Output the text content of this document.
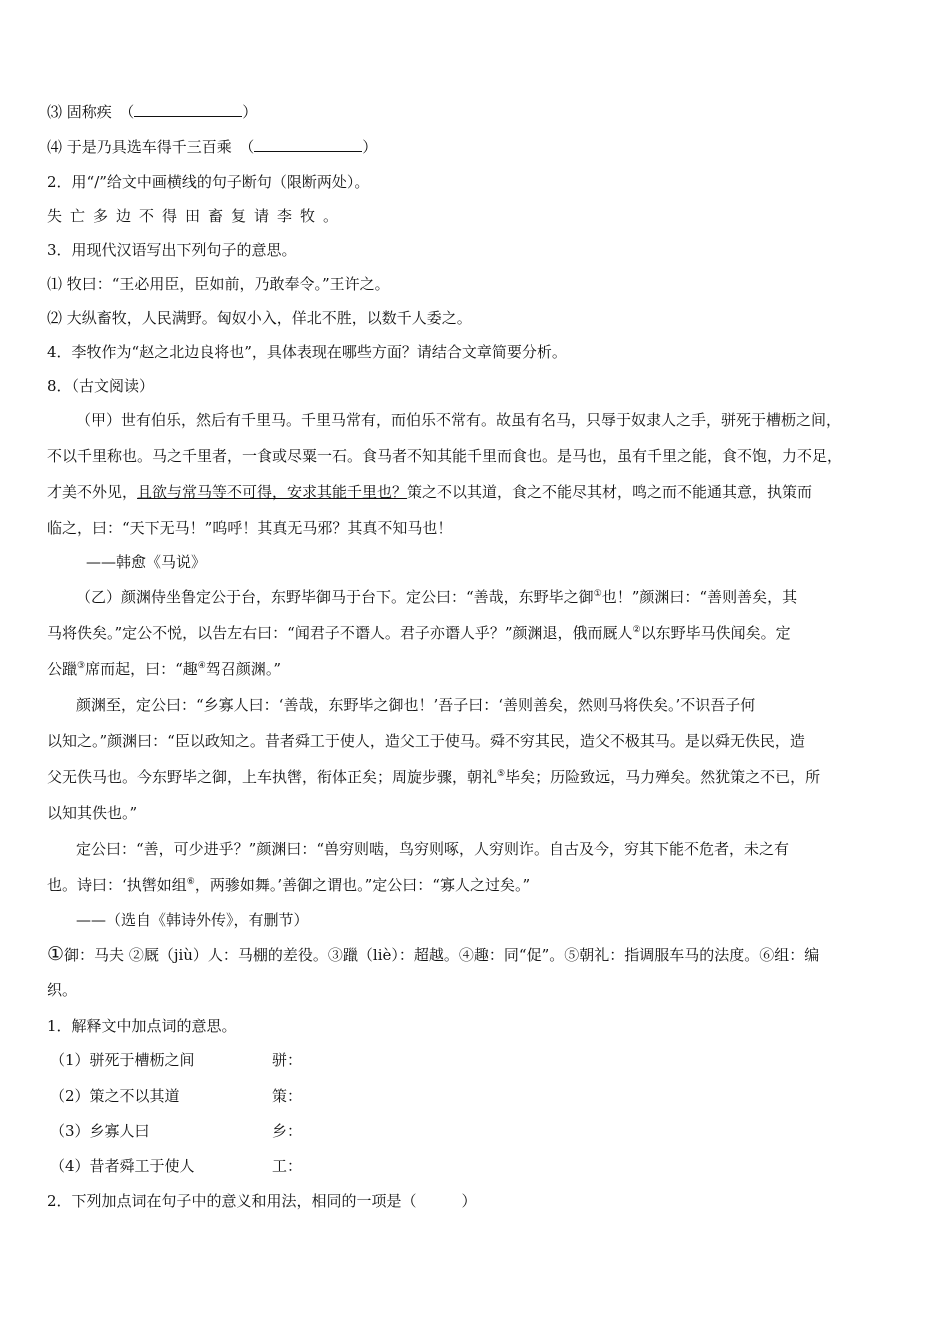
⑶ 固称疾　（	）
⑷ 于是乃具选车得千三百乘　（	）
2．用“/”给文中画横线的句子断句（限断两处）。
失亡多边不得田畜复请李牧。
3．用现代汉语写出下列句子的意思。
⑴ 牧曰：“王必用臣，臣如前，乃敢奉令。”王许之。
⑵ 大纵畜牧，人民满野。匈奴小入，佯北不胜，以数千人委之。
4．李牧作为“赵之北边良将也”，具体表现在哪些方面？请结合文章简要分析。
8．（古文阅读）
（甲）世有伯乐，然后有千里马。千里马常有，而伯乐不常有。故虽有名马，只辱于奴隶人之手，骈死于槽枥之间，
不以千里称也。马之千里者，一食或尽粟一石。食马者不知其能千里而食也。是马也，虽有千里之能，食不饱，力不足，
才美不外见，且欲与常马等不可得，安求其能千里也？策之不以其道，食之不能尽其材，鸣之而不能通其意，执策而
临之，曰：“天下无马！”呜呼！其真无马邪？其真不知马也！
——韩愈《马说》
（乙）颜渊侍坐鲁定公于台，东野毕御马于台下。定公曰：“善哉，东野毕之御①也！”颜渊曰：“善则善矣，其
马将佚矣。”定公不悦，以告左右曰：“闻君子不谮人。君子亦谮人乎？”颜渊退，俄而厩人②以东野毕马佚闻矣。定
公躐③席而起，曰：“趣④驾召颜渊。”
颜渊至，定公曰：“乡寡人曰：‘善哉，东野毕之御也！’吾子曰：‘善则善矣，然则马将佚矣。’不识吾子何
以知之。”颜渊曰：“臣以政知之。昔者舜工于使人，造父工于使马。舜不穷其民，造父不极其马。是以舜无佚民，造
父无佚马也。今东野毕之御，上车执辔，衔体正矣；周旋步骤，朝礼⑤毕矣；历险致远，马力殚矣。然犹策之不已，所
以知其佚也。”
定公曰：“善，可少进乎？”颜渊曰：“兽穷则啮，鸟穷则啄，人穷则诈。自古及今，穷其下能不危者，未之有
也。诗曰：‘执辔如组⑥，两骖如舞。’善御之谓也。”定公曰：“寡人之过矣。”
——（选自《韩诗外传》，有删节）
①御：马夫 ②厩（jiù）人：马棚的差役。③躐（liè）：超越。④趣：同“促”。⑤朝礼：指调服车马的法度。⑥组：编
织。
1．解释文中加点词的意思。
（1）骈死于槽枥之间	骈：
（2）策之不以其道	策：
（3）乡寡人曰	乡：
（4）昔者舜工于使人	工：
2．下列加点词在句子中的意义和用法，相同的一项是（　　　）
